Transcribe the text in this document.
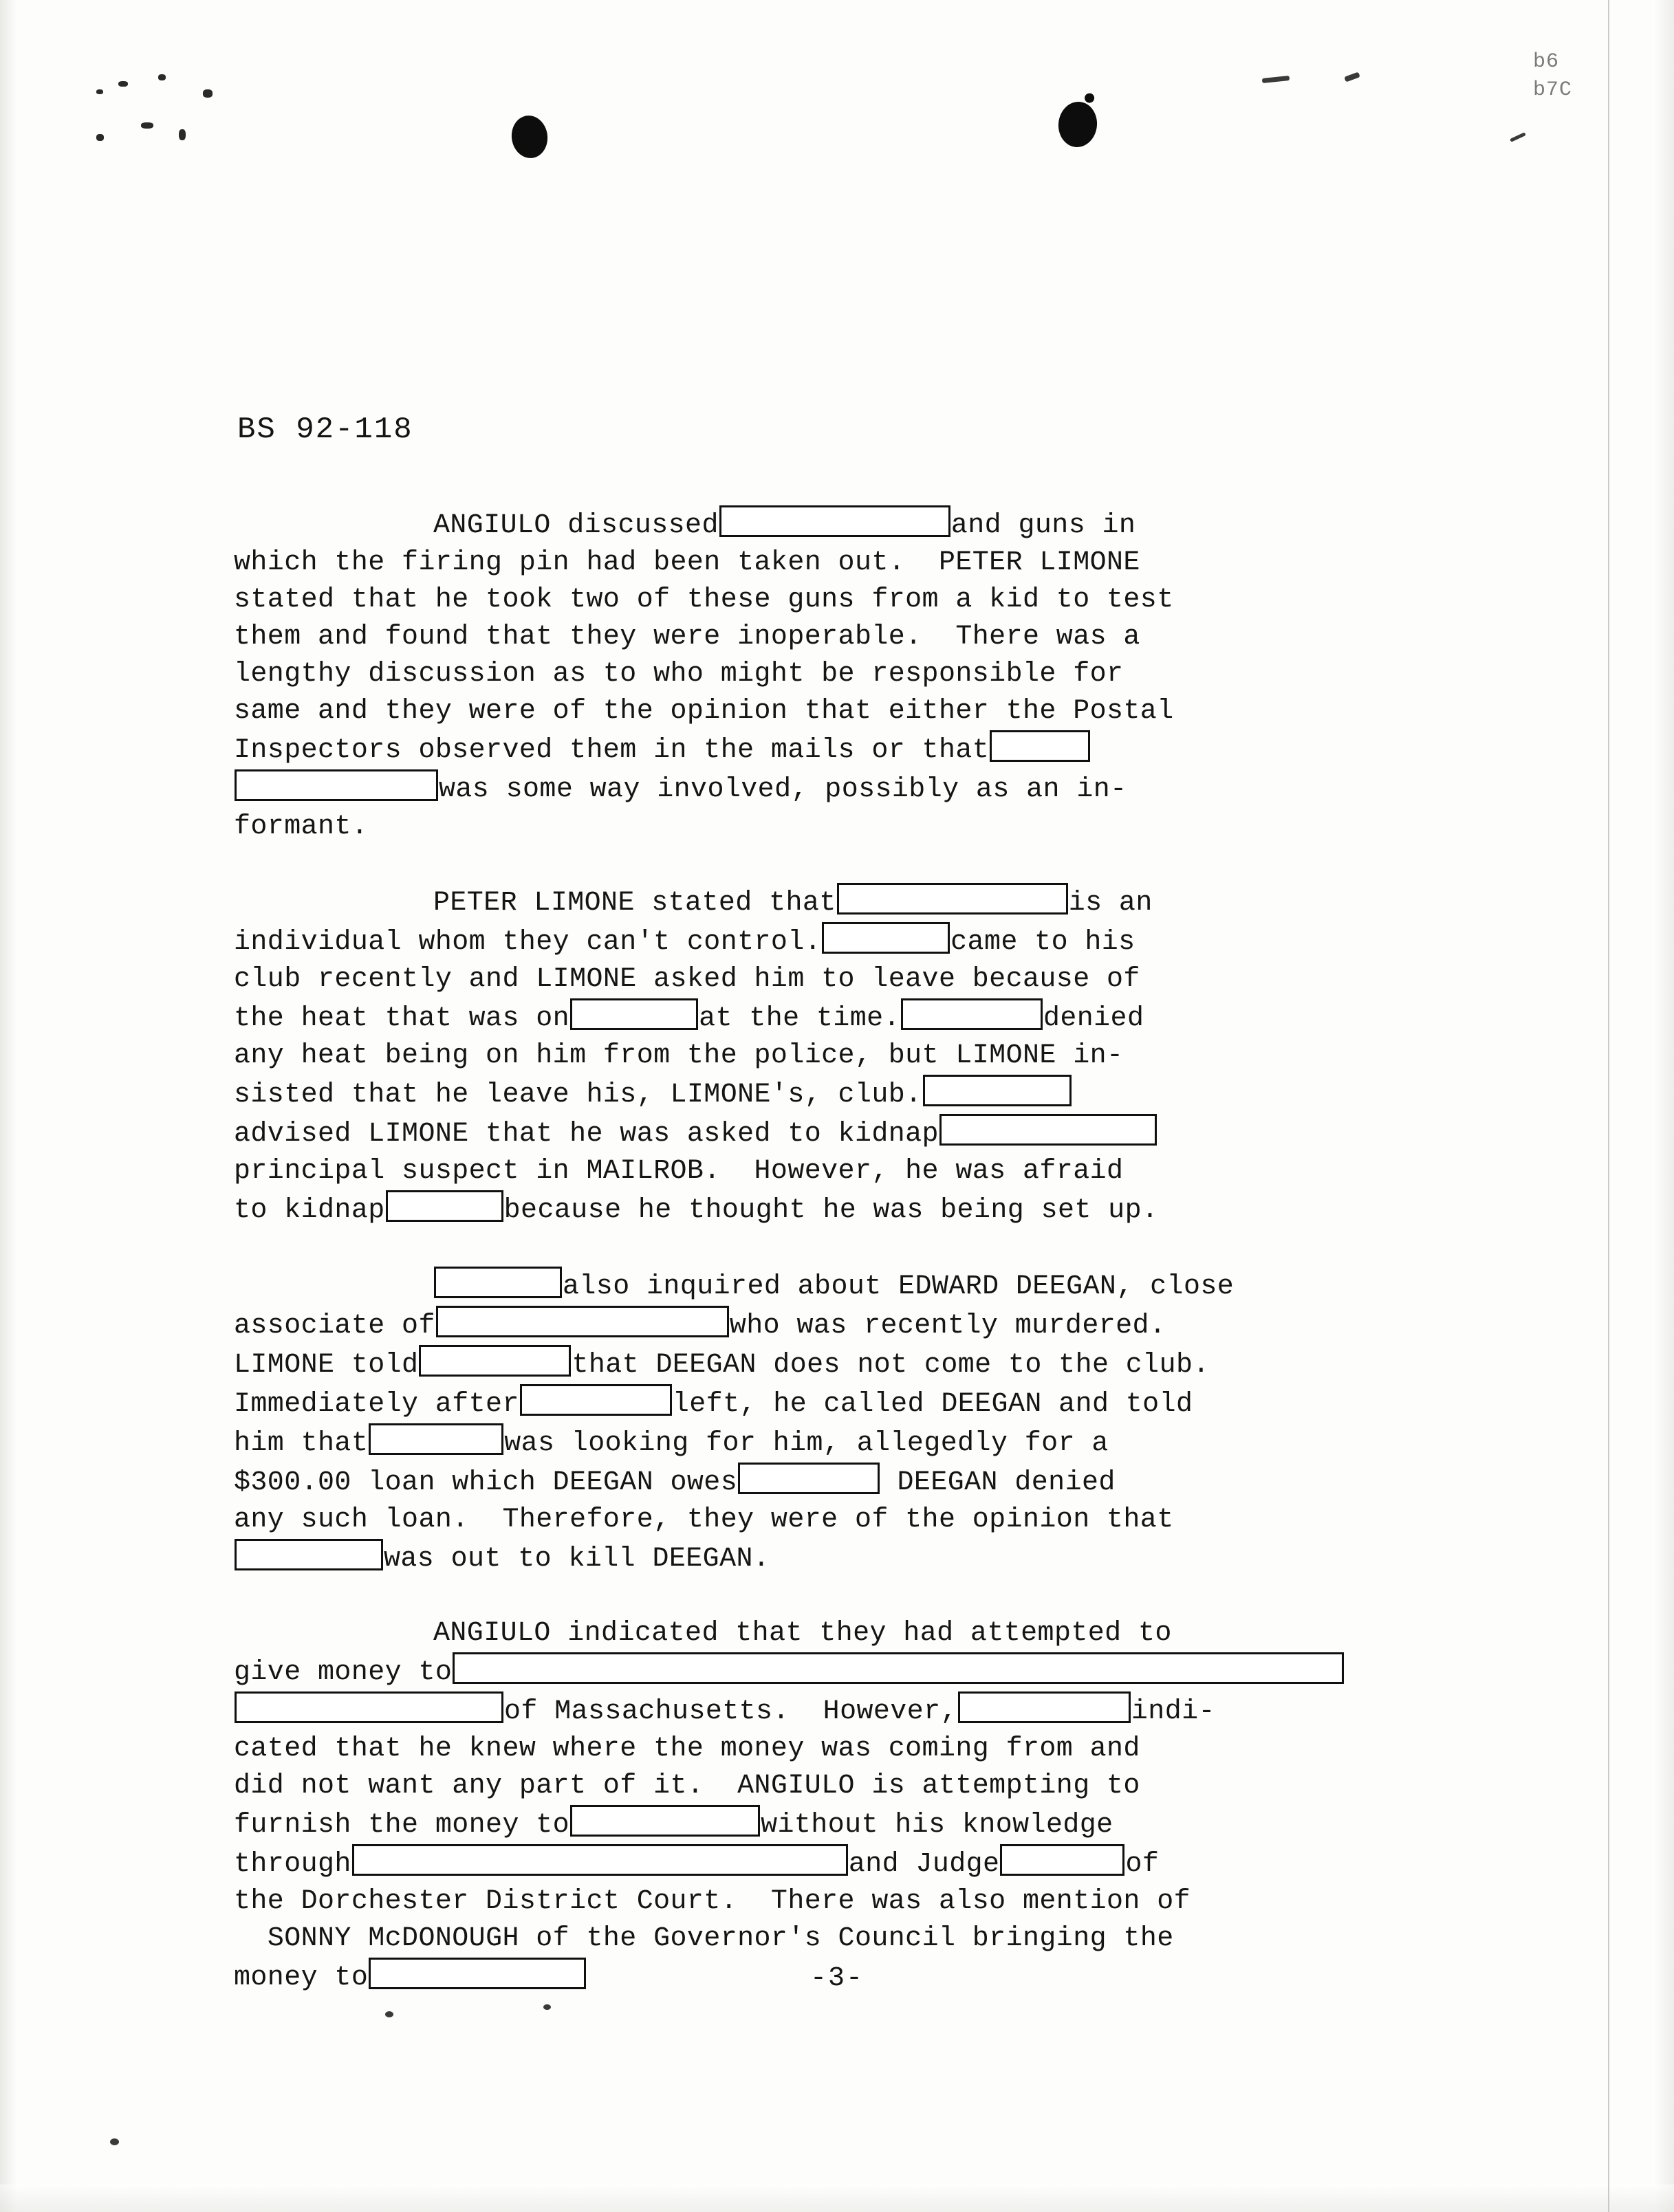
b6
b7C
BS 92-118
ANGIULO discussed	and guns in
which the firing pin had been taken out.  PETER LIMONE
stated that he took two of these guns from a kid to test
them and found that they were inoperable.  There was a
lengthy discussion as to who might be responsible for
same and they were of the opinion that either the Postal
Inspectors observed them in the mails or that
was some way involved, possibly as an in-
formant.
PETER LIMONE stated that	is an
individual whom they can't control.	came to his
club recently and LIMONE asked him to leave because of
the heat that was on	at the time.	denied
any heat being on him from the police, but LIMONE in-
sisted that he leave his, LIMONE's, club.
advised LIMONE that he was asked to kidnap
principal suspect in MAILROB.  However, he was afraid
to kidnap	because he thought he was being set up.
also inquired about EDWARD DEEGAN, close
associate of	who was recently murdered.
LIMONE told	that DEEGAN does not come to the club.
Immediately after	left, he called DEEGAN and told
him that	was looking for him, allegedly for a
$300.00 loan which DEEGAN owes	DEEGAN denied
any such loan.  Therefore, they were of the opinion that
was out to kill DEEGAN.
ANGIULO indicated that they had attempted to
give money to
of Massachusetts.  However,	indi-
cated that he knew where the money was coming from and
did not want any part of it.  ANGIULO is attempting to
furnish the money to	without his knowledge
through	and Judge	of
the Dorchester District Court.  There was also mention of
SONNY McDONOUGH of the Governor's Council bringing the
money to	-3-
